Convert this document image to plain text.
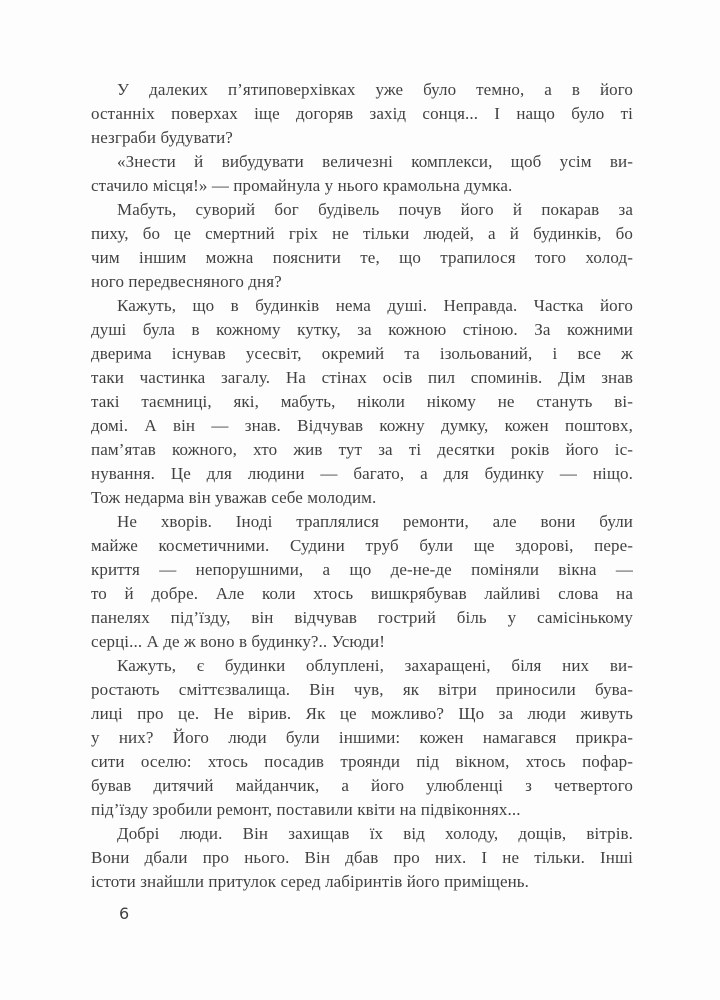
У далеких п’ятиповерхівках уже було темно, а в його
останніх поверхах іще догоряв захід сонця... І нащо було ті
незграби будувати?
«Знести й вибудувати величезні комплекси, щоб усім ви-
стачило місця!» — промайнула у нього крамольна думка.
Мабуть, суворий бог будівель почув його й покарав за
пиху, бо це смертний гріх не тільки людей, а й будинків, бо
чим іншим можна пояснити те, що трапилося того холод-
ного передвесняного дня?
Кажуть, що в будинків нема душі. Неправда. Частка його
душі була в кожному кутку, за кожною стіною. За кожними
дверима існував усесвіт, окремий та ізольований, і все ж
таки частинка загалу. На стінах осів пил споминів. Дім знав
такі таємниці, які, мабуть, ніколи нікому не стануть ві-
домі. А він — знав. Відчував кожну думку, кожен поштовх,
пам’ятав кожного, хто жив тут за ті десятки років його іс-
нування. Це для людини — багато, а для будинку — ніщо.
Тож недарма він уважав себе молодим.
Не хворів. Іноді траплялися ремонти, але вони були
майже косметичними. Судини труб були ще здорові, пере-
криття — непорушними, а що де-не-де поміняли вікна —
то й добре. Але коли хтось вишкрябував лайливі слова на
панелях під’їзду, він відчував гострий біль у самісінькому
серці... А де ж воно в будинку?.. Усюди!
Кажуть, є будинки облуплені, захаращені, біля них ви-
ростають сміттєзвалища. Він чув, як вітри приносили бува-
лиці про це. Не вірив. Як це можливо? Що за люди живуть
у них? Його люди були іншими: кожен намагався прикра-
сити оселю: хтось посадив троянди під вікном, хтось пофар-
бував дитячий майданчик, а його улюбленці з четвертого
під’їзду зробили ремонт, поставили квіти на підвіконнях...
Добрі люди. Він захищав їх від холоду, дощів, вітрів.
Вони дбали про нього. Він дбав про них. І не тільки. Інші
істоти знайшли притулок серед лабіринтів його приміщень.
6
